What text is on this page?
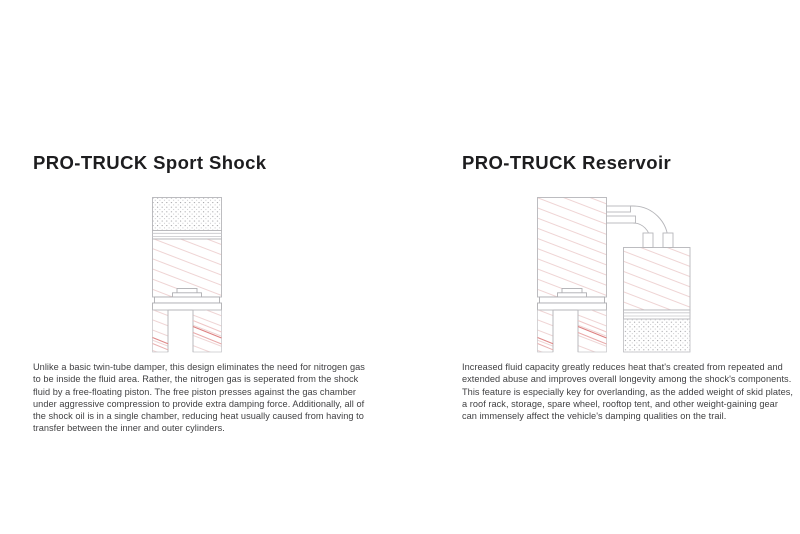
PRO-TRUCK Sport Shock

Unlike a basic twin-tube damper, this design eliminates the need for nitrogen gas to be inside the fluid area. Rather, the nitrogen gas is seperated from the shock fluid by a free-floating piston. The free piston presses against the gas chamber under aggressive compression to provide extra damping force. Additionally, all of the shock oil is in a single chamber, reducing heat usually caused from having to transfer between the inner and outer cylinders.

PRO-TRUCK Reservoir

Increased fluid capacity greatly reduces heat that's created from repeated and extended abuse and improves overall longevity among the shock's components. This feature is especially key for overlanding, as the added weight of skid plates, a roof rack, storage, spare wheel, rooftop tent, and other weight-gaining gear can immensely affect the vehicle's damping qualities on the trail.
